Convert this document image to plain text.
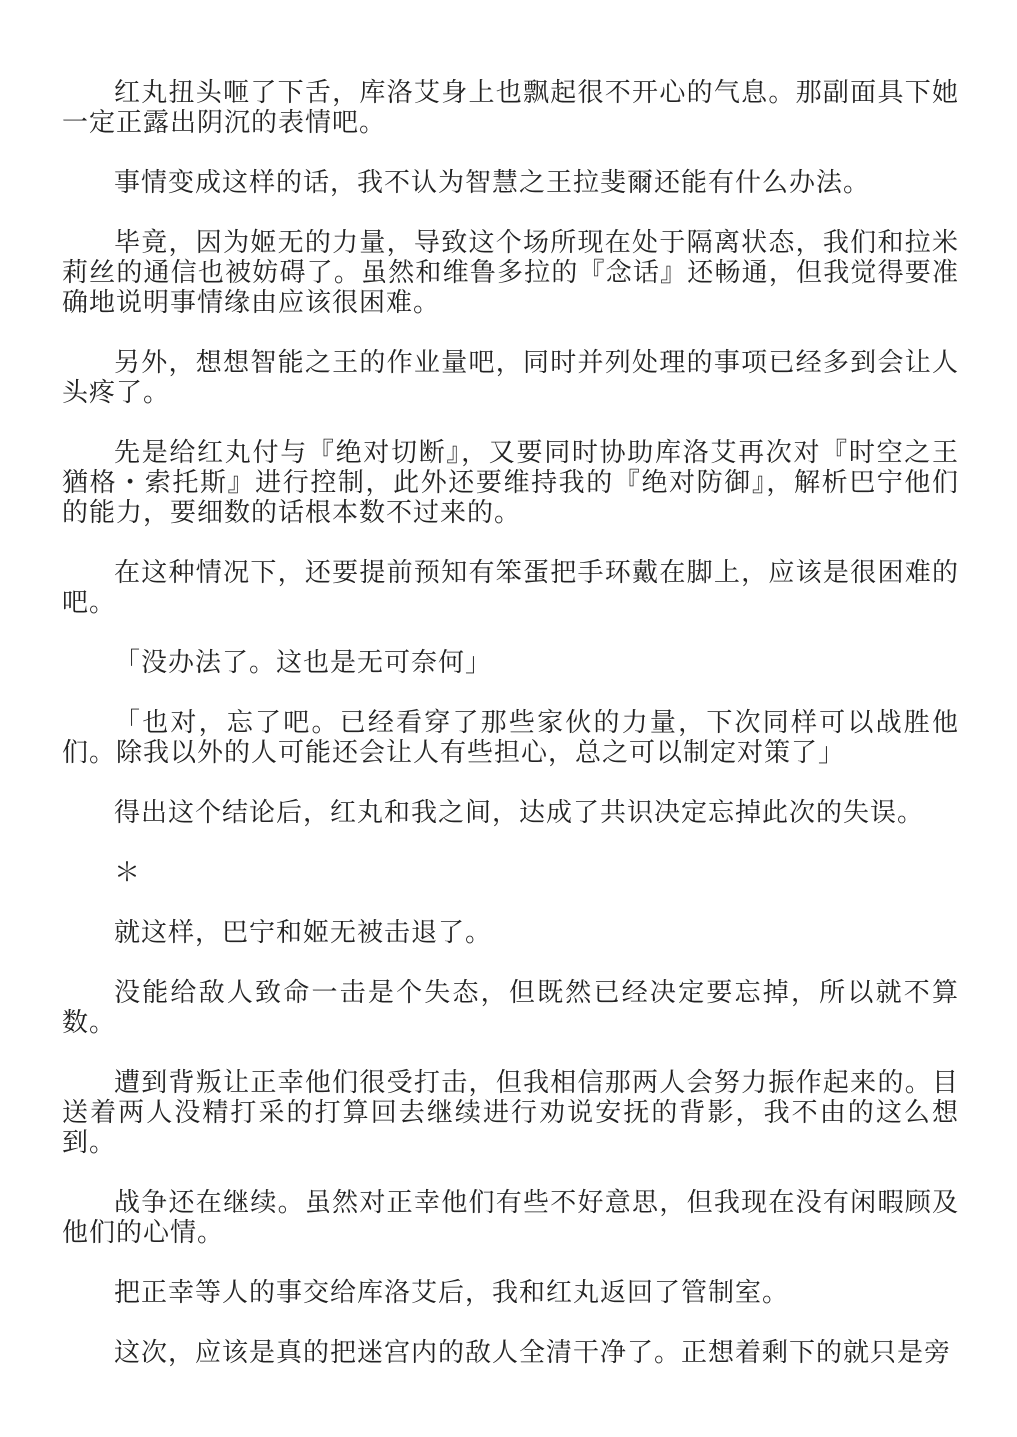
红丸扭头咂了下舌，库洛艾身上也飘起很不开心的气息。那副面具下她一定正露出阴沉的表情吧。

事情变成这样的话，我不认为智慧之王拉斐爾还能有什么办法。

毕竟，因为姬无的力量，导致这个场所现在处于隔离状态，我们和拉米莉丝的通信也被妨碍了。虽然和维鲁多拉的『念话』还畅通，但我觉得要准确地说明事情缘由应该很困难。

另外，想想智能之王的作业量吧，同时并列处理的事项已经多到会让人头疼了。

先是给红丸付与『绝对切断』，又要同时协助库洛艾再次对『时空之王猶格・索托斯』进行控制，此外还要维持我的『绝对防御』，解析巴宁他们的能力，要细数的话根本数不过来的。

在这种情况下，还要提前预知有笨蛋把手环戴在脚上，应该是很困难的吧。

「没办法了。这也是无可奈何」

「也对，忘了吧。已经看穿了那些家伙的力量，下次同样可以战胜他们。除我以外的人可能还会让人有些担心，总之可以制定对策了」

得出这个结论后，红丸和我之间，达成了共识决定忘掉此次的失误。

＊

就这样，巴宁和姬无被击退了。

没能给敌人致命一击是个失态，但既然已经决定要忘掉，所以就不算数。

遭到背叛让正幸他们很受打击，但我相信那两人会努力振作起来的。目送着两人没精打采的打算回去继续进行劝说安抚的背影，我不由的这么想到。

战争还在继续。虽然对正幸他们有些不好意思，但我现在没有闲暇顾及他们的心情。

把正幸等人的事交给库洛艾后，我和红丸返回了管制室。

这次，应该是真的把迷宫内的敌人全清干净了。正想着剩下的就只是旁
